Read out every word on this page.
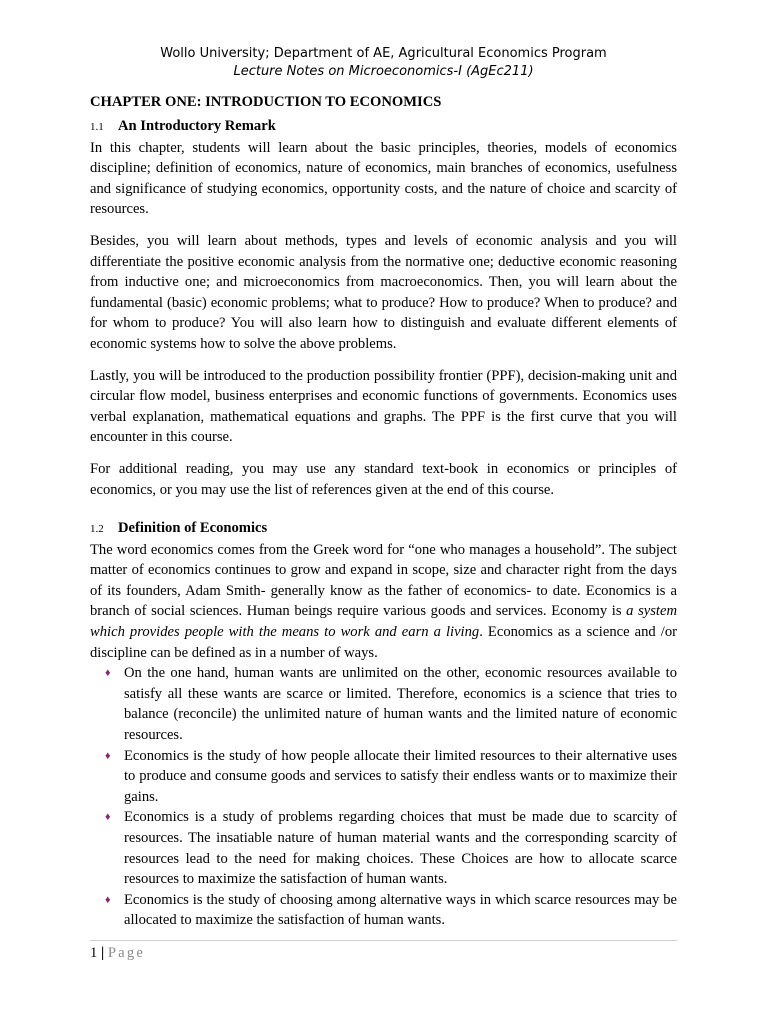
Wollo University; Department of AE, Agricultural Economics Program

Lecture Notes on Microeconomics-I (AgEc211)

CHAPTER ONE: INTRODUCTION TO ECONOMICS
1.1 An Introductory Remark

In this chapter, students will learn about the basic principles, theories, models of economics discipline; definition of economics, nature of economics, main branches of economics, usefulness and significance of studying economics, opportunity costs, and the nature of choice and scarcity of resources.

Besides, you will learn about methods, types and levels of economic analysis and you will differentiate the positive economic analysis from the normative one; deductive economic reasoning from inductive one; and microeconomics from macroeconomics. Then, you will learn about the fundamental (basic) economic problems; what to produce? How to produce? When to produce? and for whom to produce? You will also learn how to distinguish and evaluate different elements of economic systems how to solve the above problems.

Lastly, you will be introduced to the production possibility frontier (PPF), decision-making unit and circular flow model, business enterprises and economic functions of governments. Economics uses verbal explanation, mathematical equations and graphs. The PPF is the first curve that you will encounter in this course.

For additional reading, you may use any standard text-book in economics or principles of economics, or you may use the list of references given at the end of this course.

1.2 Definition of Economics

The word economics comes from the Greek word for “one who manages a household”. The subject matter of economics continues to grow and expand in scope, size and character right from the days of its founders, Adam Smith- generally know as the father of economics- to date. Economics is a branch of social sciences. Human beings require various goods and services. Economy is a system which provides people with the means to work and earn a living. Economics as a science and /or discipline can be defined as in a number of ways.

♦ On the one hand, human wants are unlimited on the other, economic resources available to satisfy all these wants are scarce or limited. Therefore, economics is a science that tries to balance (reconcile) the unlimited nature of human wants and the limited nature of economic resources.
♦ Economics is the study of how people allocate their limited resources to their alternative uses to produce and consume goods and services to satisfy their endless wants or to maximize their gains.
♦ Economics is a study of problems regarding choices that must be made due to scarcity of resources. The insatiable nature of human material wants and the corresponding scarcity of resources lead to the need for making choices. These Choices are how to allocate scarce resources to maximize the satisfaction of human wants.
♦ Economics is the study of choosing among alternative ways in which scarce resources may be allocated to maximize the satisfaction of human wants.
1 | Page
